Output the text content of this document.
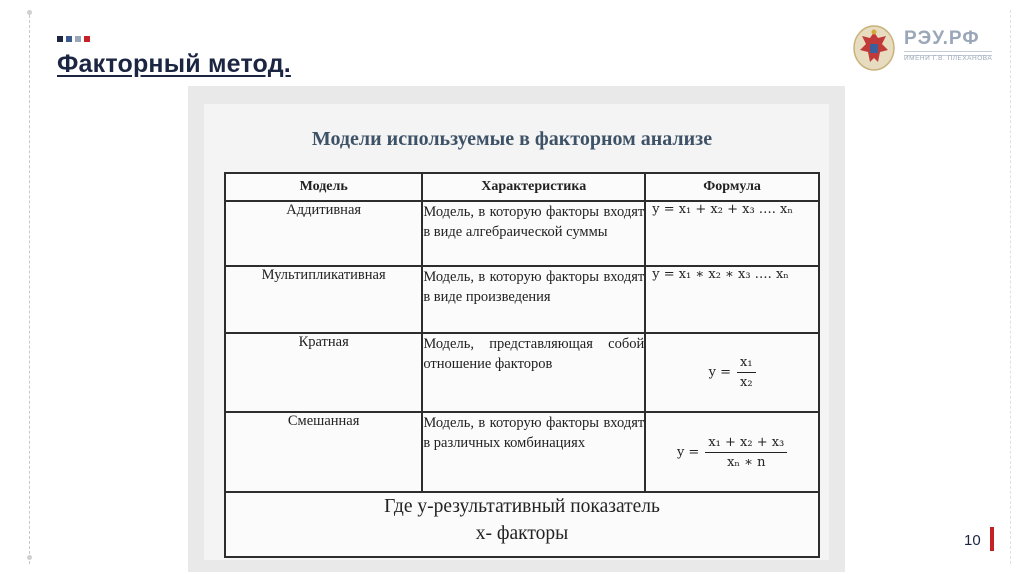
Факторный метод.
РЭУ.РФ
ИМЕНИ Г.В. ПЛЕХАНОВА
Модели используемые в факторном анализе
Модель	Характеристика	Формула
Аддитивная	Модель, в которую факторы входят в виде алгебраической суммы	y = x₁ + x₂ + x₃ …. xₙ

Мультипликативная	Модель, в которую факторы входят в виде произведения	y = x₁ ∗ x₂ ∗ x₃ …. xₙ

Кратная	Модель, представляющая собой отношение факторов	$y = \frac{\text{x₁}}{\text{x₂}}$

Смешанная	Модель, в которую факторы входят в различных комбинациях	$y = \frac{\text{x₁ + x₂ + x₃}}{\text{xₙ ∗ n}}$

Где у-результативный показатель
х- факторы			10
